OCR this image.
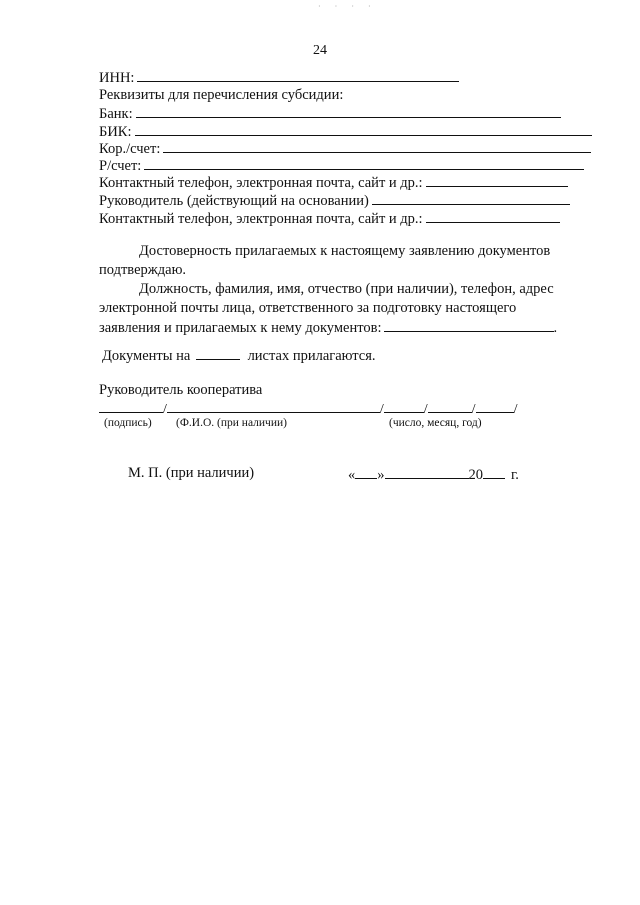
· · · ·
24
ИНН:
Реквизиты для перечисления субсидии:
Банк:
БИК:
Кор./счет:
Р/счет:
Контактный телефон, электронная почта, сайт и др.:
Руководитель (действующий на основании)
Контактный телефон, электронная почта, сайт и др.:
Достоверность прилагаемых к настоящему заявлению документов подтверждаю.
Должность, фамилия, имя, отчество (при наличии), телефон, адрес электронной почты лица, ответственного за подготовку настоящего заявления и прилагаемых к нему документов:	.
Документы на	листах прилагаются.
Руководитель кооператива
/	/	/	/	/
(подпись) (Ф.И.О. (при наличии)	(число, месяц, год)
М. П. (при наличии)	« »	20 г.
